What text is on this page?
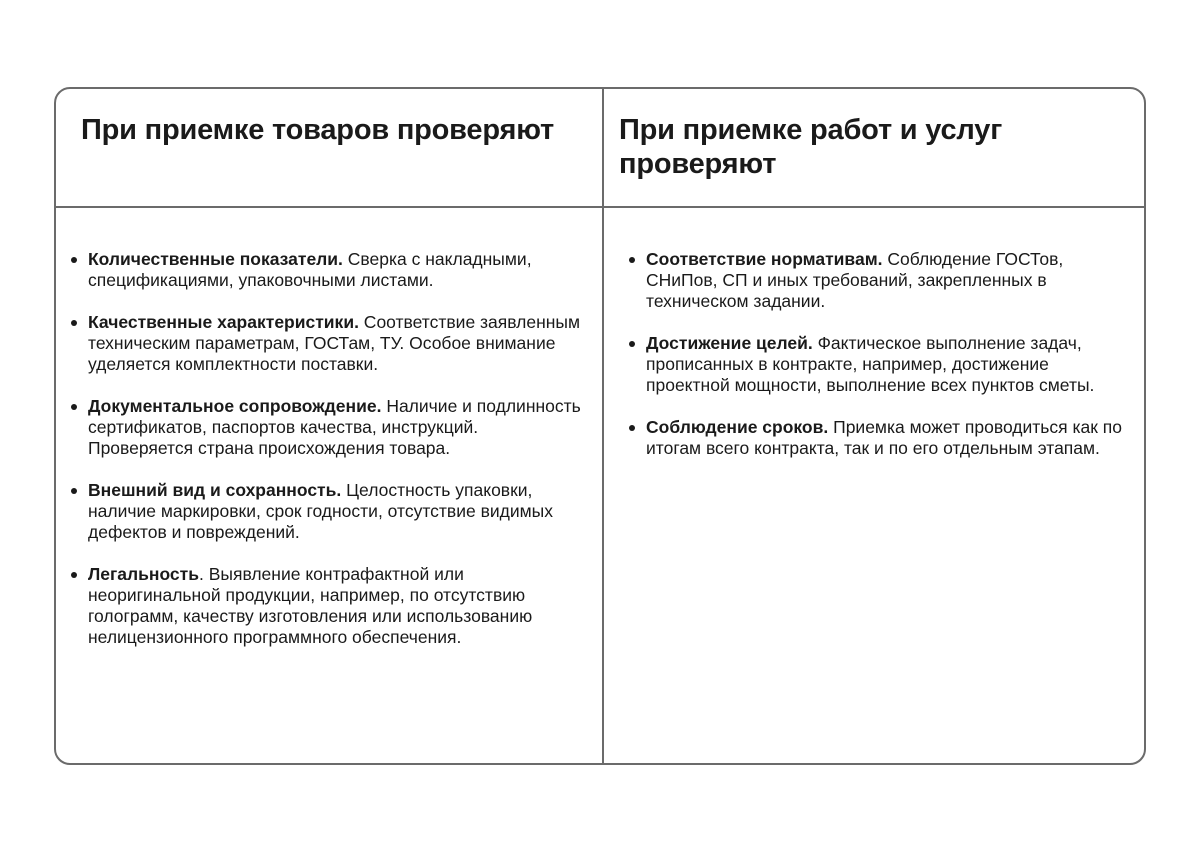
При приемке товаров проверяют При приемке работ и услуг проверяют
Количественные показатели. Сверка с накладными, спецификациями, упаковочными листами.
Качественные характеристики. Соответствие заявленным техническим параметрам, ГОСТам, ТУ. Особое внимание уделяется комплектности поставки.
Документальное сопровождение. Наличие и подлинность сертификатов, паспортов качества, инструкций. Проверяется страна происхождения товара.
Внешний вид и сохранность. Целостность упаковки, наличие маркировки, срок годности, отсутствие видимых дефектов и повреждений.
Легальность. Выявление контрафактной или неоригинальной продукции, например, по отсутствию голограмм, качеству изготовления или использованию нелицензионного программного обеспечения.
Соответствие нормативам. Соблюдение ГОСТов, СНиПов, СП и иных требований, закрепленных в техническом задании.
Достижение целей. Фактическое выполнение задач, прописанных в контракте, например, достижение проектной мощности, выполнение всех пунктов сметы.
Соблюдение сроков. Приемка может проводиться как по итогам всего контракта, так и по его отдельным этапам.
